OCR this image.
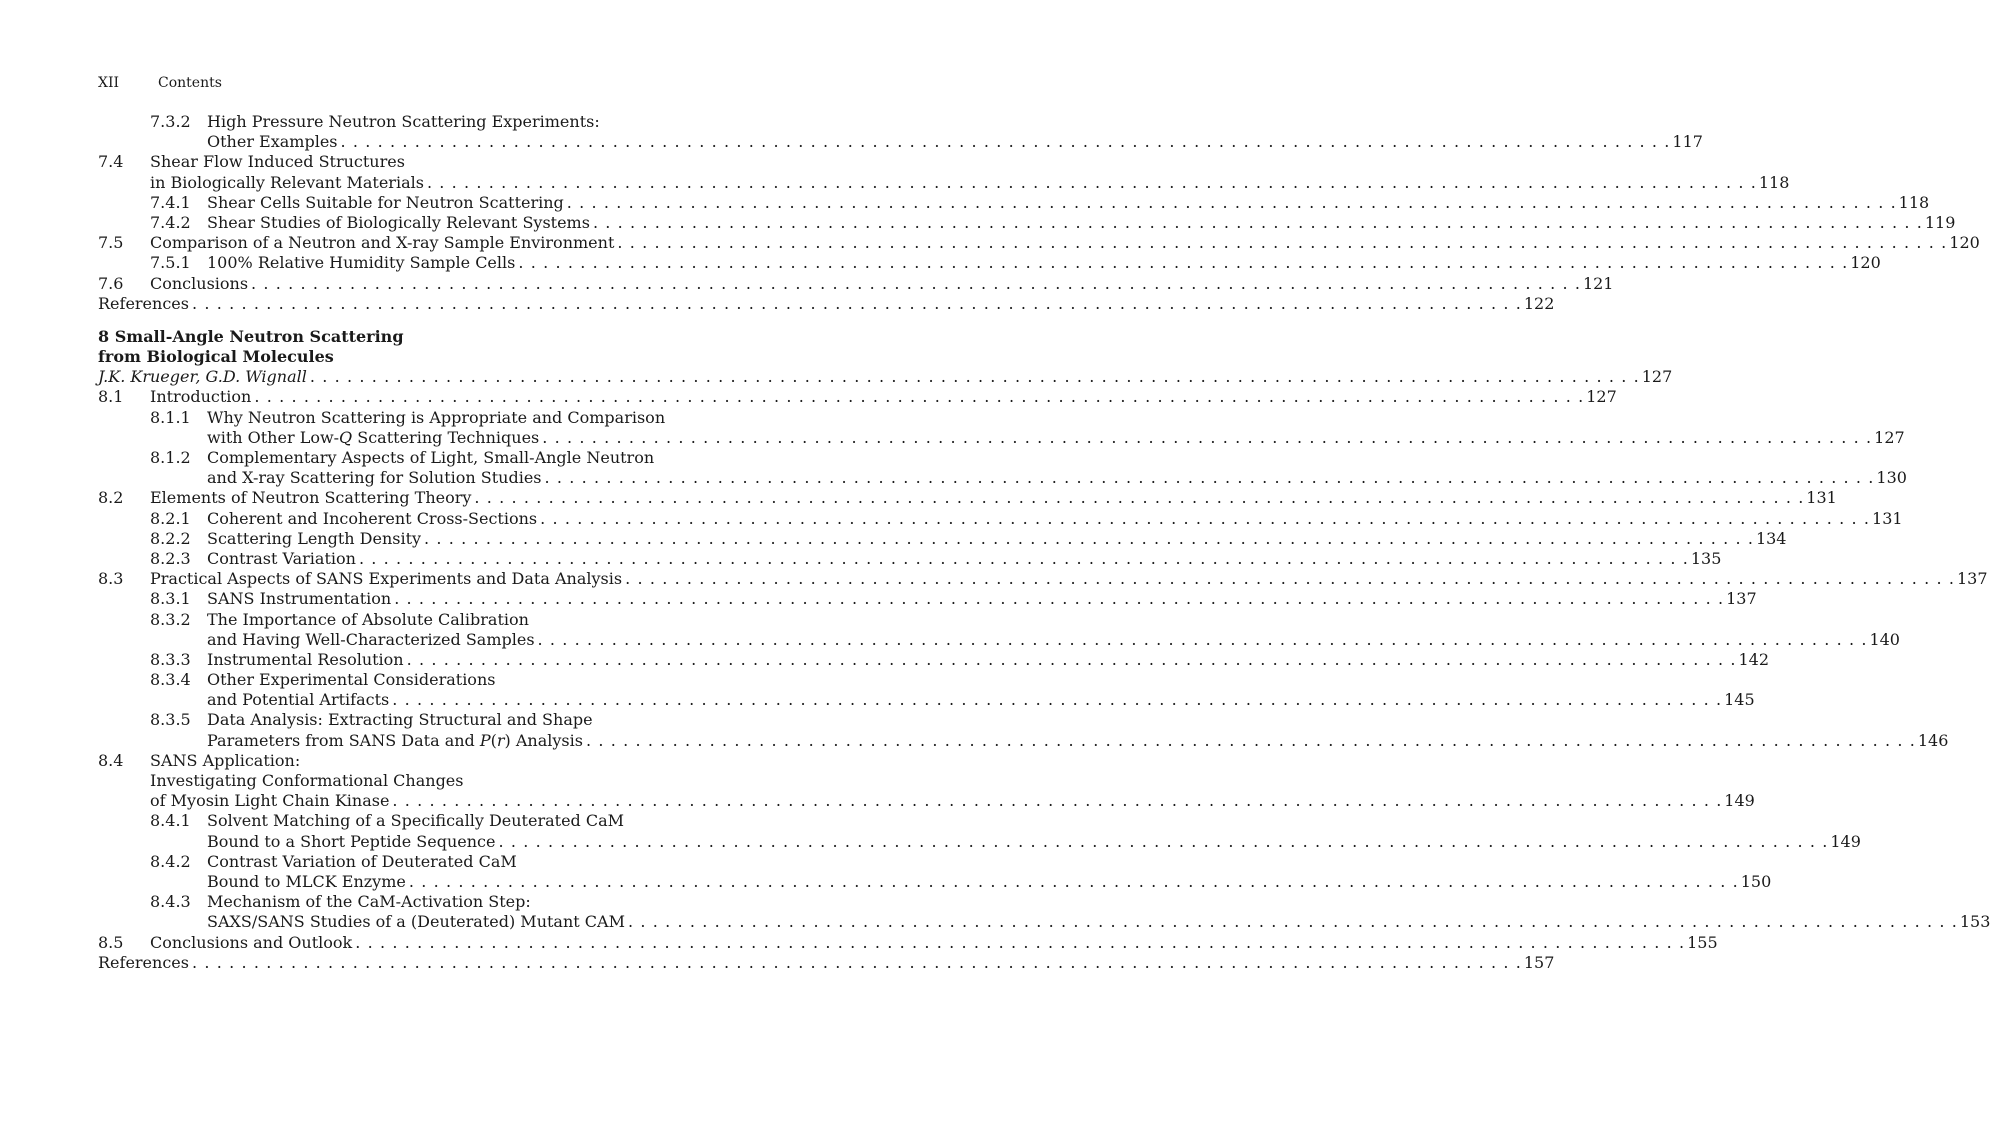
XII	Contents
7.3.2	High Pressure Neutron Scattering Experiments:
Other Examples . . .	117
7.4	Shear Flow Induced Structures
in Biologically Relevant Materials . . .	118
7.4.1	Shear Cells Suitable for Neutron Scattering . . .	118
7.4.2	Shear Studies of Biologically Relevant Systems . . .	119
7.5	Comparison of a Neutron and X-ray Sample Environment . . .	120
7.5.1	100% Relative Humidity Sample Cells . . .	120
7.6	Conclusions . . .	121
References . . .	122
8 Small-Angle Neutron Scattering
from Biological Molecules
J.K. Krueger, G.D. Wignall . . .	127
8.1	Introduction . . .	127
8.1.1	Why Neutron Scattering is Appropriate and Comparison
with Other Low-Q Scattering Techniques . . .	127
8.1.2	Complementary Aspects of Light, Small-Angle Neutron
and X-ray Scattering for Solution Studies . . .	130
8.2	Elements of Neutron Scattering Theory . . .	131
8.2.1	Coherent and Incoherent Cross-Sections . . .	131
8.2.2	Scattering Length Density . . .	134
8.2.3	Contrast Variation . . .	135
8.3	Practical Aspects of SANS Experiments and Data Analysis . . .	137
8.3.1	SANS Instrumentation . . .	137
8.3.2	The Importance of Absolute Calibration
and Having Well-Characterized Samples . . .	140
8.3.3	Instrumental Resolution . . .	142
8.3.4	Other Experimental Considerations
and Potential Artifacts . . .	145
8.3.5	Data Analysis: Extracting Structural and Shape
Parameters from SANS Data and P(r) Analysis . . .	146
8.4	SANS Application:
Investigating Conformational Changes
of Myosin Light Chain Kinase . . .	149
8.4.1	Solvent Matching of a Specifically Deuterated CaM
Bound to a Short Peptide Sequence . . .	149
8.4.2	Contrast Variation of Deuterated CaM
Bound to MLCK Enzyme . . .	150
8.4.3	Mechanism of the CaM-Activation Step:
SAXS/SANS Studies of a (Deuterated) Mutant CAM . . .	153
8.5	Conclusions and Outlook . . .	155
References . . .	157
